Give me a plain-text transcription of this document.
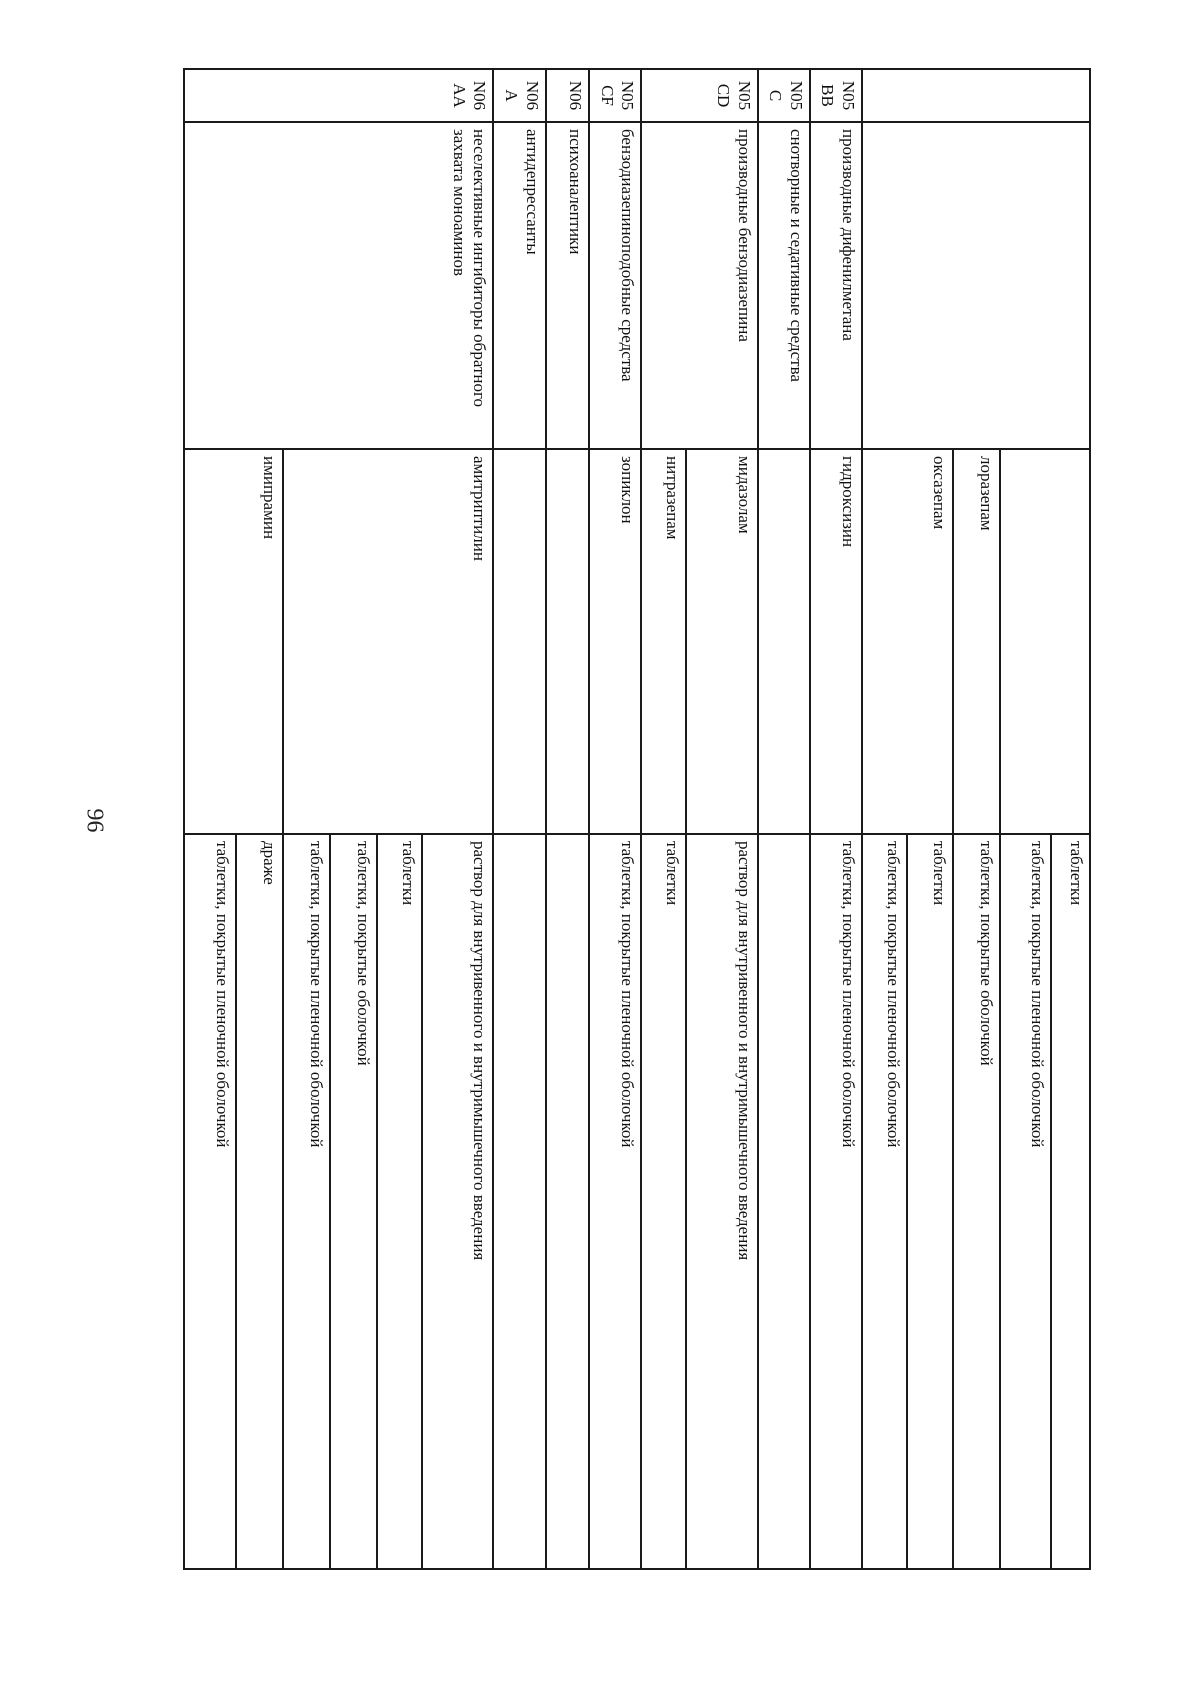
96
			таблетки
			таблетки, покрытые пленочной оболочкой
		лоразепам	таблетки, покрытые оболочкой
		оксазепам	таблетки
			таблетки, покрытые пленочной оболочкой
N05BB	производные дифенилметана	гидроксизин	таблетки, покрытые пленочной оболочкой
N05C	снотворные и седативные средства		
N05CD	производные бензодиазепина	мидазолам	раствор для внутривенного и внутримышечного введения
		нитразепам	таблетки
N05CF	бензодиазепиноподобные средства	зопиклон	таблетки, покрытые пленочной оболочкой
N06	психоаналептики		
N06A	антидепрессанты		
N06AA	неселективные ингибиторы обратного захвата моноаминов	амитриптилин	раствор для внутривенного и внутримышечного введения
			таблетки
			таблетки, покрытые оболочкой
			таблетки, покрытые пленочной оболочкой
		имипрамин	драже
			таблетки, покрытые пленочной оболочкой
